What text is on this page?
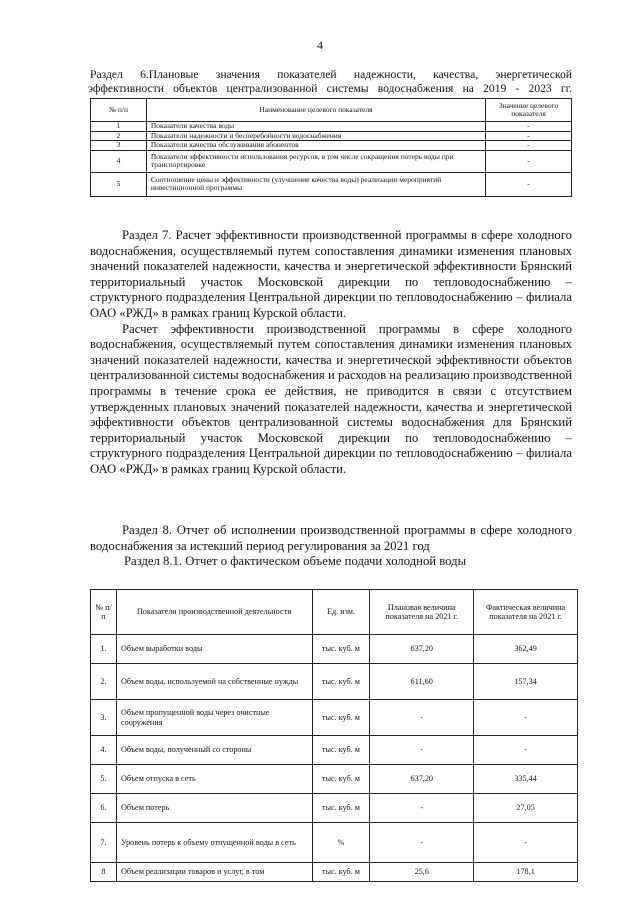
4
Раздел 6.Плановые значения показателей надежности, качества, энергетической
эффективности объектов централизованной системы водоснабжения на 2019 - 2023 гг.
№ п/п	Наименование целевого показателя	Значение целевого показателя
1	Показатели качества воды	-
2	Показатели надежности и бесперебойности водоснабжения	-
3	Показатели качества обслуживания абонентов	-
4	Показатели эффективности использования ресурсов, в том числе сокращения потерь воды при транспортировке	-
5	Соотношение цены и эффективности (улучшение качества воды) реализации мероприятий инвестиционной программы	-

Раздел 7. Расчет эффективности производственной программы в сфере холодного водоснабжения, осуществляемый путем сопоставления динамики изменения плановых значений показателей надежности, качества и энергетической эффективности Брянский территориальный участок Московской дирекции по тепловодоснабжению – структурного подразделения Центральной дирекции по тепловодоснабжению – филиала ОАО «РЖД» в рамках границ Курской области.

Расчет эффективности производственной программы в сфере холодного водоснабжения, осуществляемый путем сопоставления динамики изменения плановых значений показателей надежности, качества и энергетической эффективности объектов централизованной системы водоснабжения и расходов на реализацию производственной программы в течение срока ее действия, не приводится в связи с отсутствием утвержденных плановых значений показателей надежности, качества и энергетической эффективности объектов централизованной системы водоснабжения для Брянский территориальный участок Московской дирекции по тепловодоснабжению – структурного подразделения Центральной дирекции по тепловодоснабжению – филиала ОАО «РЖД» в рамках границ Курской области.

Раздел 8. Отчет об исполнении производственной программы в сфере холодного водоснабжения за истекший период регулирования за 2021 год

Раздел 8.1. Отчет о фактическом объеме подачи холодной воды

№ п/п	Показатели производственной деятельности	Ед. изм.	Плановая величина показателя на 2021 г.	Фактическая величина показателя на 2021 г.
1.	Объем выработки воды	тыс. куб. м	637,20	362,49
2.	Объем воды, используемой на собственные нужды	тыс. куб. м	611,60	157,34
3.	Объем пропущенной воды через очистные сооружения	тыс. куб. м	-	-
4.	Объем воды, полученный со стороны	тыс. куб. м	-	-
5.	Объем отпуска в сеть	тыс. куб. м	637,20	335,44
6.	Объем потерь	тыс. куб. м	-	27,05
7.	Уровень потерь к объему отпущенной воды в сеть	%	-	-
8	Объем реализации товаров и услуг, в том	тыс. куб. м	25,6	178,1
